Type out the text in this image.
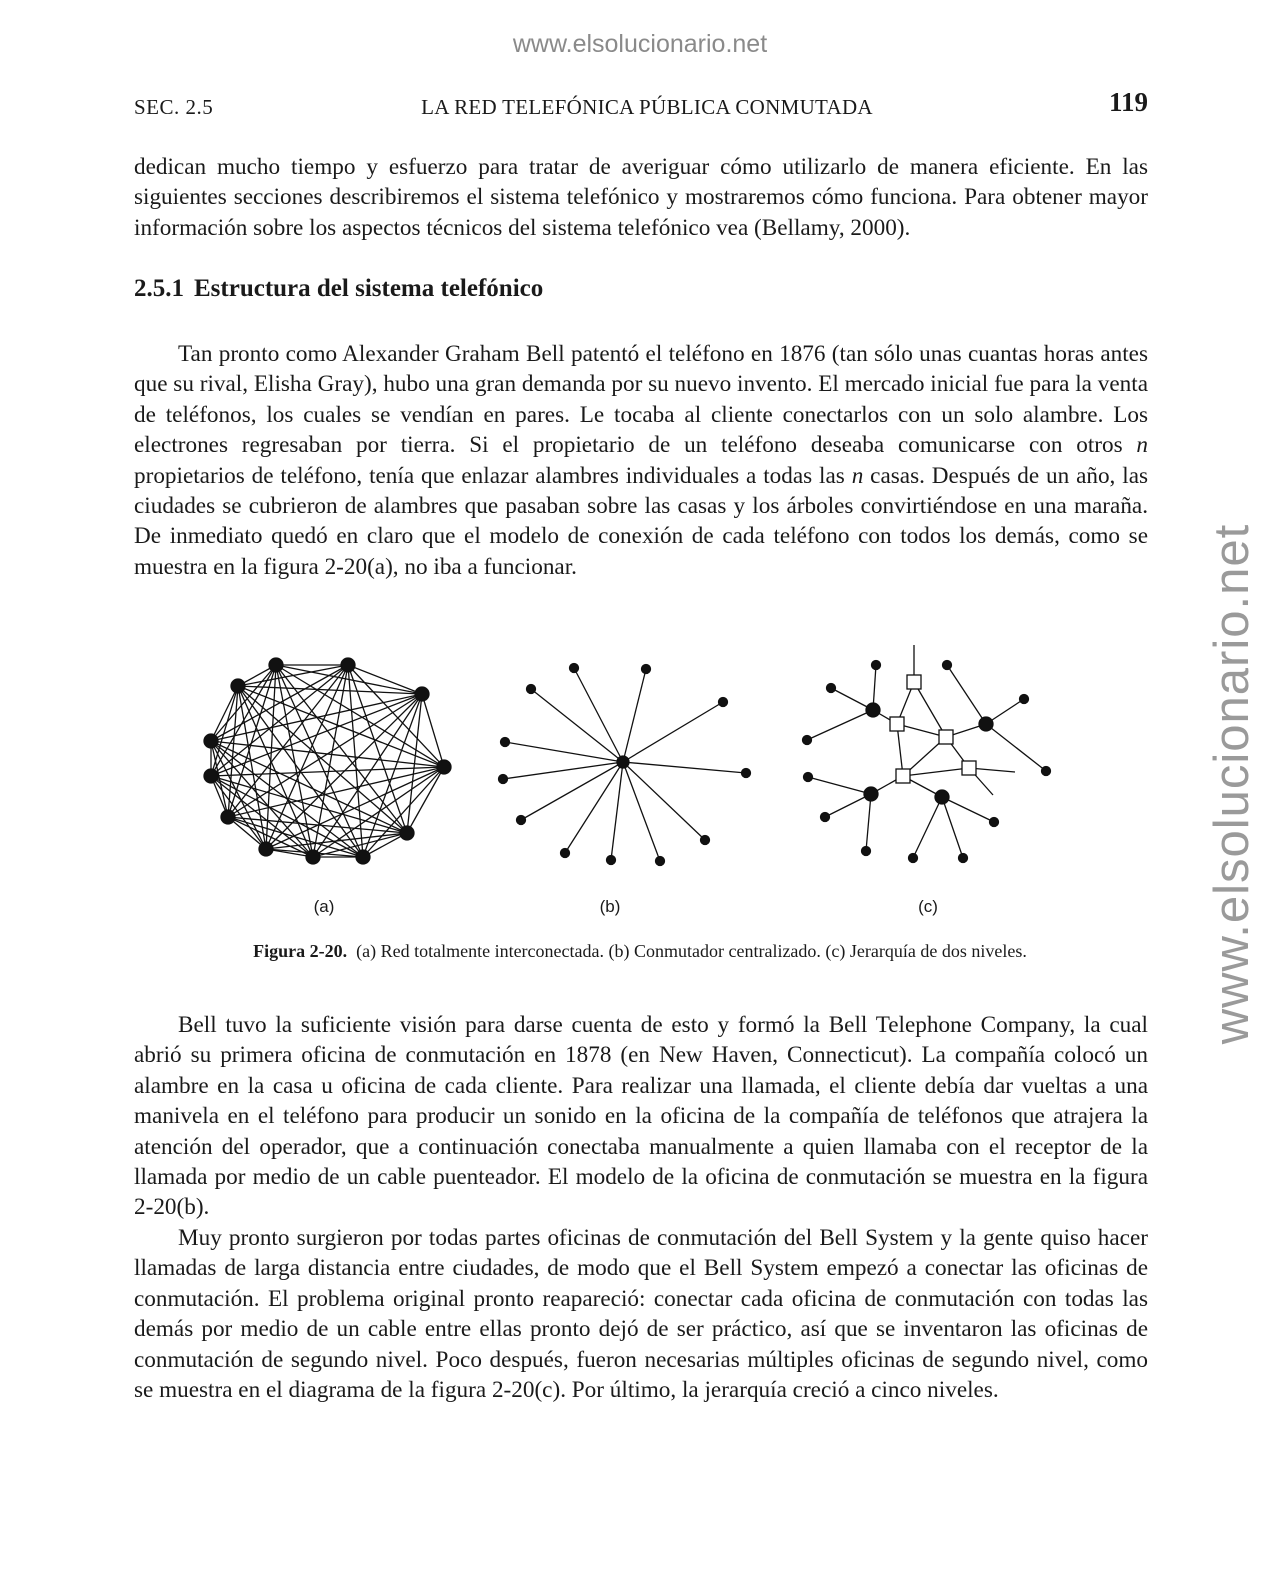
www.elsolucionario.net
www.elsolucionario.net
SEC. 2.5	LA RED TELEFÓNICA PÚBLICA CONMUTADA	119

dedican mucho tiempo y esfuerzo para tratar de averiguar cómo utilizarlo de manera eficiente. En las siguientes secciones describiremos el sistema telefónico y mostraremos cómo funciona. Para obtener mayor información sobre los aspectos técnicos del sistema telefónico vea (Bellamy, 2000).

2.5.1 Estructura del sistema telefónico

Tan pronto como Alexander Graham Bell patentó el teléfono en 1876 (tan sólo unas cuantas horas antes que su rival, Elisha Gray), hubo una gran demanda por su nuevo invento. El mercado inicial fue para la venta de teléfonos, los cuales se vendían en pares. Le tocaba al cliente conectarlos con un solo alambre. Los electrones regresaban por tierra. Si el propietario de un teléfono deseaba comunicarse con otros n propietarios de teléfono, tenía que enlazar alambres individuales a todas las n casas. Después de un año, las ciudades se cubrieron de alambres que pasaban sobre las casas y los árboles convirtiéndose en una maraña. De inmediato quedó en claro que el modelo de conexión de cada teléfono con todos los demás, como se muestra en la figura 2-20(a), no iba a funcionar.

(a)	(b)	(c)
Figura 2-20. (a) Red totalmente interconectada. (b) Conmutador centralizado. (c) Jerarquía de dos niveles.

Bell tuvo la suficiente visión para darse cuenta de esto y formó la Bell Telephone Company, la cual abrió su primera oficina de conmutación en 1878 (en New Haven, Connecticut). La compañía colocó un alambre en la casa u oficina de cada cliente. Para realizar una llamada, el cliente debía dar vueltas a una manivela en el teléfono para producir un sonido en la oficina de la compañía de teléfonos que atrajera la atención del operador, que a continuación conectaba manualmente a quien llamaba con el receptor de la llamada por medio de un cable puenteador. El modelo de la oficina de conmutación se muestra en la figura 2-20(b).

Muy pronto surgieron por todas partes oficinas de conmutación del Bell System y la gente quiso hacer llamadas de larga distancia entre ciudades, de modo que el Bell System empezó a conectar las oficinas de conmutación. El problema original pronto reapareció: conectar cada oficina de conmutación con todas las demás por medio de un cable entre ellas pronto dejó de ser práctico, así que se inventaron las oficinas de conmutación de segundo nivel. Poco después, fueron necesarias múltiples oficinas de segundo nivel, como se muestra en el diagrama de la figura 2-20(c). Por último, la jerarquía creció a cinco niveles.
